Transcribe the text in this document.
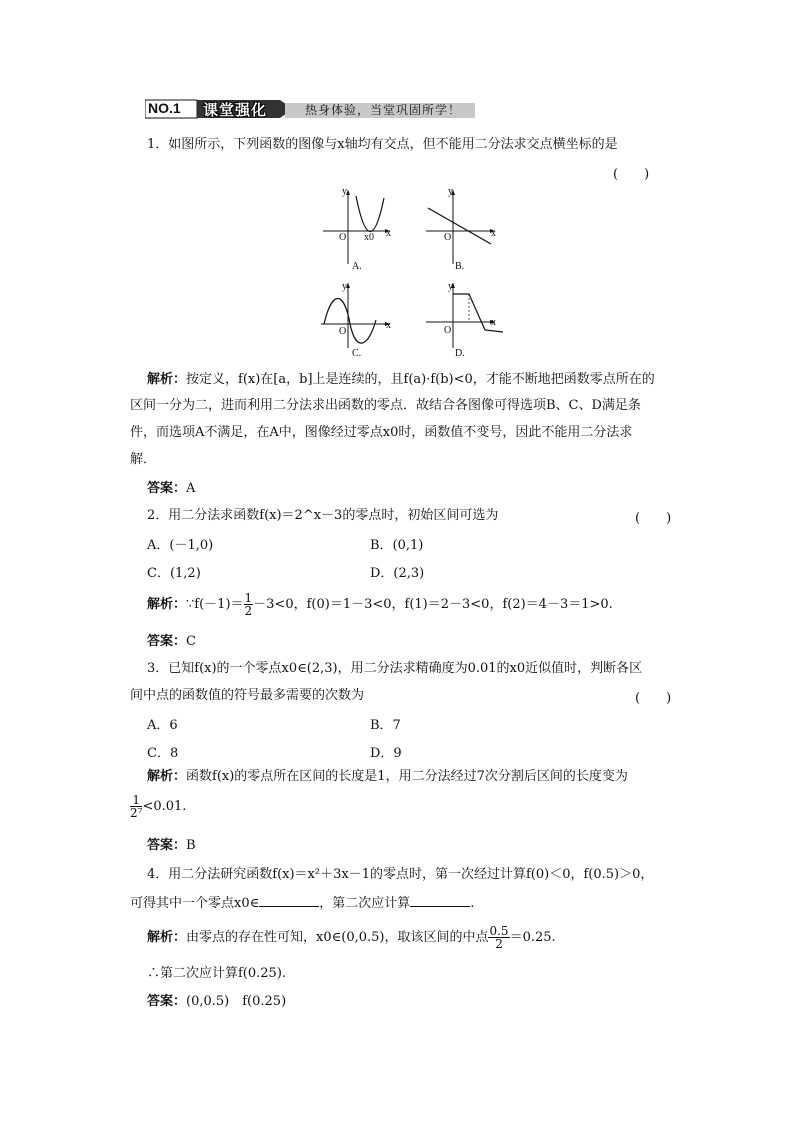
NO.1 课堂强化	热身体验，当堂巩固所学！
1．如图所示，下列函数的图像与x轴均有交点，但不能用二分法求交点横坐标的是
(　　)
y
x
O x0
A.
y
x
O
B.
y
x
O
C.
y
x
O
D.
解析：按定义，f(x)在[a，b]上是连续的，且f(a)·f(b)<0，才能不断地把函数零点所在的
区间一分为二，进而利用二分法求出函数的零点．故结合各图像可得选项B、C、D满足条
件，而选项A不满足，在A中，图像经过零点x0时，函数值不变号，因此不能用二分法求
解．
答案：A
2．用二分法求函数f(x)＝2^x－3的零点时，初始区间可选为	(　　)
A．(－1,0)	B．(0,1)
C．(1,2)	D．(2,3)
解析：∵f(－1)＝ $\frac{1}{2} -3<0$，f(0)＝1－3<0，f(1)＝2－3<0，f(2)＝4－3＝1>0.
答案：C
3．已知f(x)的一个零点x0∈(2,3)，用二分法求精确度为0.01的x0近似值时，判断各区
间中点的函数值的符号最多需要的次数为	(　　)
A．6	B．7
C．8	D．9
解析：函数f(x)的零点所在区间的长度是1，用二分法经过7次分割后区间的长度变为
$\frac{1}{\text{2⁷}} <0.01$.
答案：B
4．用二分法研究函数f(x)＝x²＋3x－1的零点时，第一次经过计算f(0)＜0，f(0.5)＞0，
可得其中一个零点x0∈	，第二次应计算	.
解析：由零点的存在性可知，x0∈(0,0.5)，取该区间的中点 $\frac{0.5}{2} =0.25$.
∴第二次应计算f(0.25).
答案：(0,0.5)　f(0.25)
